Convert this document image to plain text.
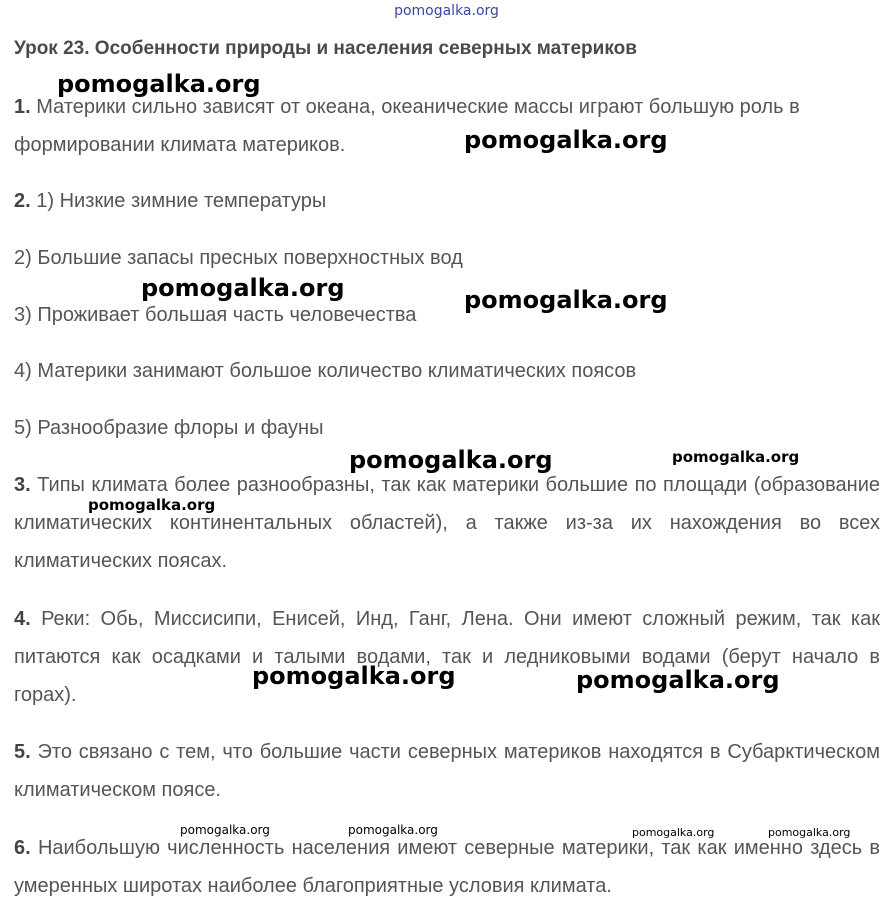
pomogalka.org

Урок 23. Особенности природы и населения северных материков

1. Материки сильно зависят от океана, океанические массы играют большую роль в формировании климата материков.

2. 1) Низкие зимние температуры

2) Большие запасы пресных поверхностных вод

3) Проживает большая часть человечества

4) Материки занимают большое количество климатических поясов

5) Разнообразие флоры и фауны

3. Типы климата более разнообразны, так как материки большие по площади (образование климатических континентальных областей), а также из-за их нахождения во всех климатических поясах.

4. Реки: Обь, Миссисипи, Енисей, Инд, Ганг, Лена. Они имеют сложный режим, так как питаются как осадками и талыми водами, так и ледниковыми водами (берут начало в горах).

5. Это связано с тем, что большие части северных материков находятся в Субарктическом климатическом поясе.

6. Наибольшую численность населения имеют северные материки, так как именно здесь в умеренных широтах наиболее благоприятные условия климата.

pomogalka.org
pomogalka.org
pomogalka.org	pomogalka.org
pomogalka.org	pomogalka.org
pomogalka.org
pomogalka.org	pomogalka.org
pomogalka.org	pomogalka.org	pomogalka.org	pomogalka.org
